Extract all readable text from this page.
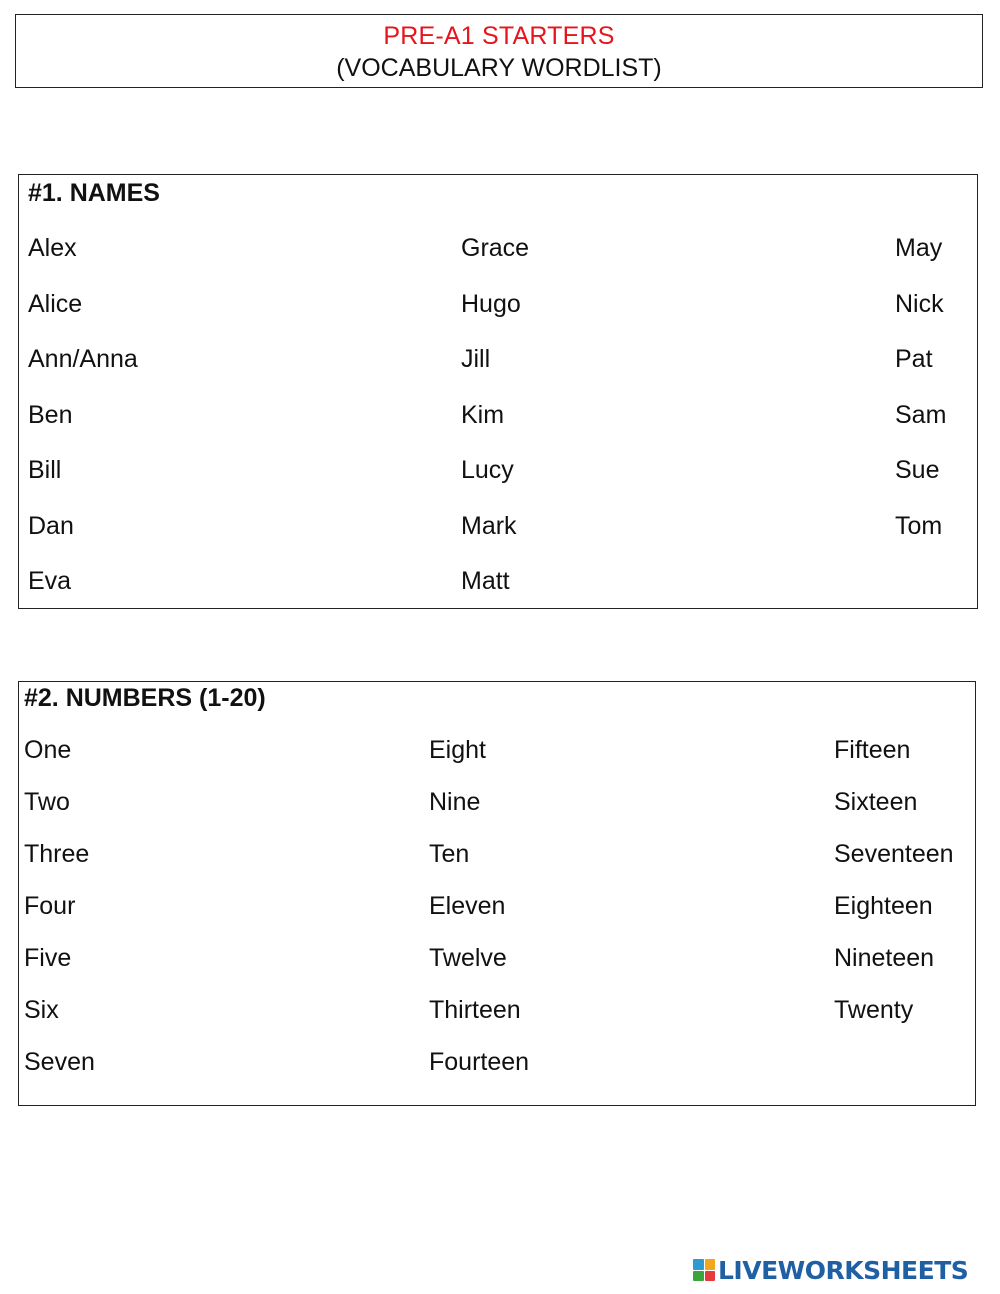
PRE-A1 STARTERS
(VOCABULARY WORDLIST)
#1. NAMES
Alex
Alice
Ann/Anna
Ben
Bill
Dan
Eva
Grace
Hugo
Jill
Kim
Lucy
Mark
Matt
May
Nick
Pat
Sam
Sue
Tom
#2. NUMBERS (1-20)
One
Two
Three
Four
Five
Six
Seven
Eight
Nine
Ten
Eleven
Twelve
Thirteen
Fourteen
Fifteen
Sixteen
Seventeen
Eighteen
Nineteen
Twenty
LIVEWORKSHEETS
